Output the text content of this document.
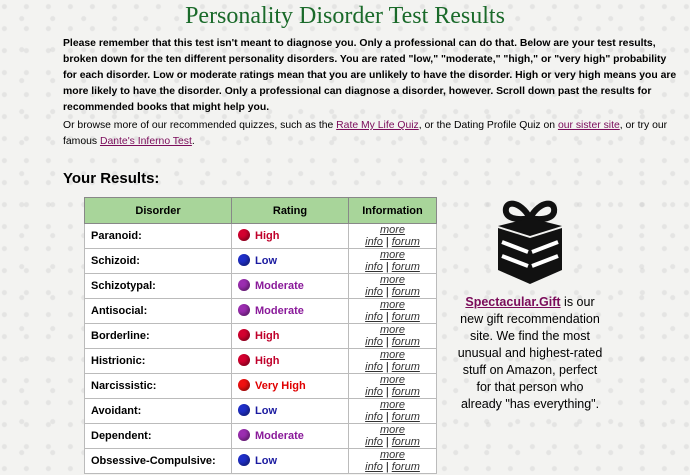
Personality Disorder Test Results
Please remember that this test isn't meant to diagnose you. Only a professional can do that. Below are your test results, broken down for the ten different personality disorders. You are rated "low," "moderate," "high," or "very high" probability for each disorder. Low or moderate ratings mean that you are unlikely to have the disorder. High or very high means you are more likely to have the disorder. Only a professional can diagnose a disorder, however. Scroll down past the results for recommended books that might help you.
Or browse more of our recommended quizzes, such as the Rate My Life Quiz, or the Dating Profile Quiz on our sister site, or try our famous Dante's Inferno Test.
Your Results:
Disorder	Rating	Information
Paranoid:	High	more info | forum
Schizoid:	Low	more info | forum
Schizotypal:	Moderate	more info | forum
Antisocial:	Moderate	more info | forum
Borderline:	High	more info | forum
Histrionic:	High	more info | forum
Narcissistic:	Very High	more info | forum
Avoidant:	Low	more info | forum
Dependent:	Moderate	more info | forum
Obsessive-Compulsive:	Low	more info | forum
Spectacular.Gift is our new gift recommendation site. We find the most unusual and highest-rated stuff on Amazon, perfect for that person who already "has everything".
